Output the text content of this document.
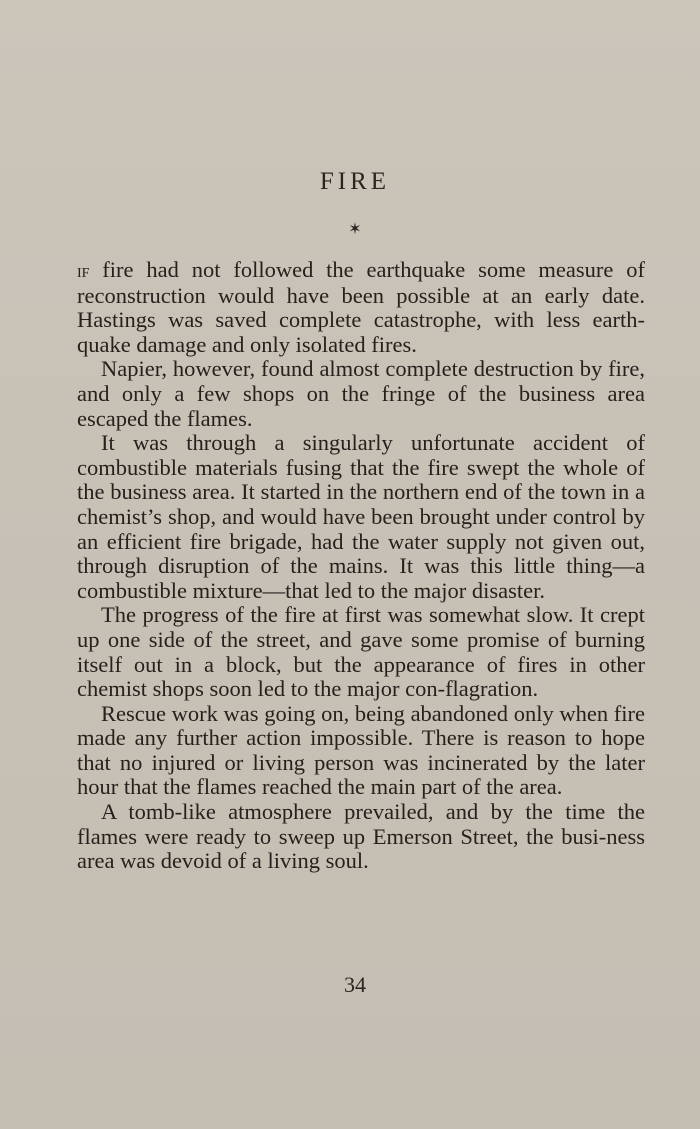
FIRE
✶

if fire had not followed the earthquake some measure of reconstruction would have been possible at an early date. Hastings was saved complete catastrophe, with less earth-quake damage and only isolated fires.

Napier, however, found almost complete destruction by fire, and only a few shops on the fringe of the business area escaped the flames.

It was through a singularly unfortunate accident of combustible materials fusing that the fire swept the whole of the business area. It started in the northern end of the town in a chemist’s shop, and would have been brought under control by an efficient fire brigade, had the water supply not given out, through disruption of the mains. It was this little thing—a combustible mixture—that led to the major disaster.

The progress of the fire at first was somewhat slow. It crept up one side of the street, and gave some promise of burning itself out in a block, but the appearance of fires in other chemist shops soon led to the major con-flagration.

Rescue work was going on, being abandoned only when fire made any further action impossible. There is reason to hope that no injured or living person was incinerated by the later hour that the flames reached the main part of the area.

A tomb-like atmosphere prevailed, and by the time the flames were ready to sweep up Emerson Street, the busi-ness area was devoid of a living soul.

34
